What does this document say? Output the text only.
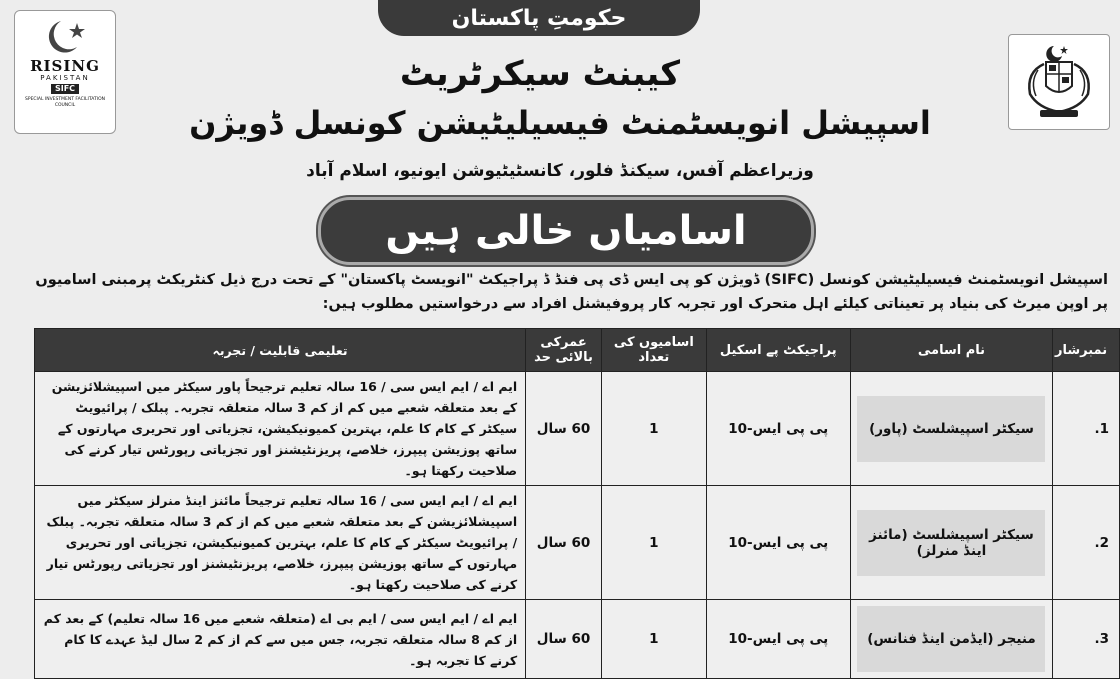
حکومتِ پاکستان
RISING
PAKISTAN
SIFC
SPECIAL INVESTMENT FACILITATION COUNCIL
کیبنٹ سیکرٹریٹ
اسپیشل انویسٹمنٹ فیسیلیٹیشن کونسل ڈویژن
وزیراعظم آفس، سیکنڈ فلور، کانسٹیٹیوشن ایونیو، اسلام آباد
اسامیاں خالی ہیں
اسپیشل انویسٹمنٹ فیسیلیٹیشن کونسل (SIFC) ڈویژن کو پی ایس ڈی پی فنڈ ڈ پراجیکٹ "انویسٹ پاکستان" کے تحت درج ذیل کنٹریکٹ پرمبنی اسامیوں پر اوپن میرٹ کی بنیاد پر تعیناتی کیلئے اہل متحرک اور تجربہ کار پروفیشنل افراد سے درخواستیں مطلوب ہیں:
نمبرشار	نام اسامی	پراجیکٹ پے اسکیل	اسامیوں کی تعداد	عمرکی بالائی حد	تعلیمی قابلیت / تجربہ
1.	سیکٹر اسپیشلسٹ (پاور)	پی پی ایس-10	1	60 سال	ایم اے / ایم ایس سی / 16 سالہ تعلیم ترجیحاً پاور سیکٹر میں اسپیشلائزیشن کے بعد متعلقہ شعبے میں کم از کم 3 سالہ متعلقہ تجربہ۔ پبلک / پرائیویٹ سیکٹر کے کام کا علم، بہترین کمیونیکیشن، تجزیاتی اور تحریری مہارتوں کے ساتھ پوزیشن پیپرز، خلاصے، پریزنٹیشنز اور تجزیاتی رپورٹس تیار کرنے کی صلاحیت رکھتا ہو۔
2.	سیکٹر اسپیشلسٹ (مائنز اینڈ منرلز)	پی پی ایس-10	1	60 سال	ایم اے / ایم ایس سی / 16 سالہ تعلیم ترجیحاً مائنز اینڈ منرلز سیکٹر میں اسپیشلائزیشن کے بعد متعلقہ شعبے میں کم از کم 3 سالہ متعلقہ تجربہ۔ پبلک / پرائیویٹ سیکٹر کے کام کا علم، بہترین کمیونیکیشن، تجزیاتی اور تحریری مہارتوں کے ساتھ پوزیشن پیپرز، خلاصے، پریزنٹیشنز اور تجزیاتی رپورٹس تیار کرنے کی صلاحیت رکھتا ہو۔
3.	منیجر (ایڈمن اینڈ فنانس)	پی پی ایس-10	1	60 سال	ایم اے / ایم ایس سی / ایم بی اے (متعلقہ شعبے میں 16 سالہ تعلیم) کے بعد کم از کم 8 سالہ متعلقہ تجربہ، جس میں سے کم از کم 2 سال لیڈ عہدے کا کام کرنے کا تجربہ ہو۔
